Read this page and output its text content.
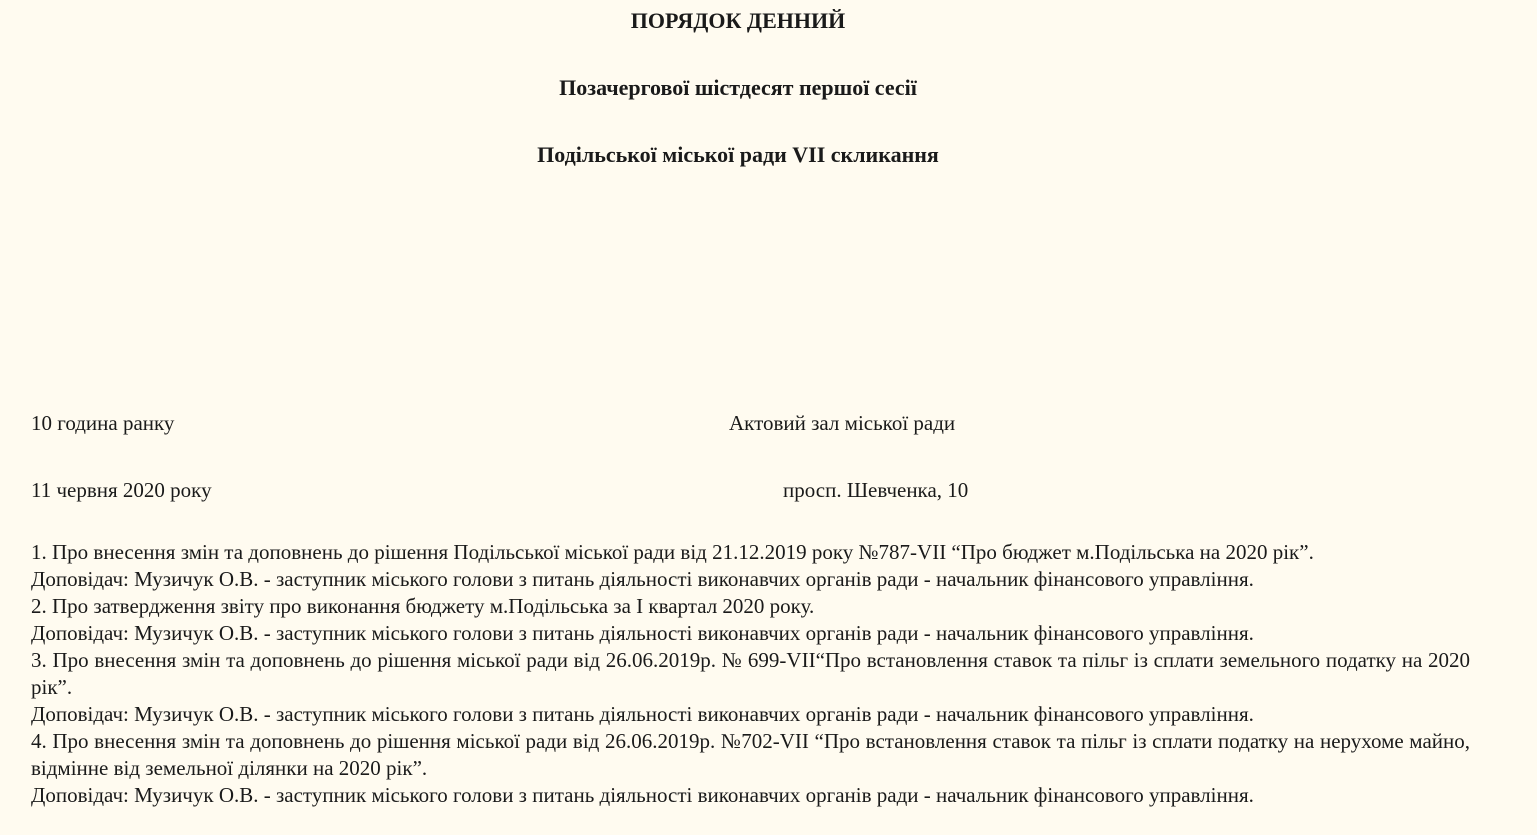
ПОРЯДОК ДЕННИЙ
Позачергової шістдесят першої сесії
Подільської міської ради VІІ скликання
10 година ранку	Актовий зал міської ради
11 червня 2020 року	просп. Шевченка, 10

1. Про внесення змін та доповнень до рішення Подільської міської ради від 21.12.2019 року №787-VII “Про бюджет м.Подільська на 2020 рік”.

Доповідач: Музичук О.В. - заступник міського голови з питань діяльності виконавчих органів ради - начальник фінансового управління.

2. Про затвердження звіту про виконання бюджету м.Подільська за I квартал 2020 року.

Доповідач: Музичук О.В. - заступник міського голови з питань діяльності виконавчих органів ради - начальник фінансового управління.

3. Про внесення змін та доповнень до рішення міської ради від 26.06.2019р. № 699-VII“Про встановлення ставок та пільг із сплати земельного податку на 2020 рік”.

Доповідач: Музичук О.В. - заступник міського голови з питань діяльності виконавчих органів ради - начальник фінансового управління.

4. Про внесення змін та доповнень до рішення міської ради від 26.06.2019р. №702-VII “Про встановлення ставок та пільг із сплати податку на нерухоме майно, відмінне від земельної ділянки на 2020 рік”.

Доповідач: Музичук О.В. - заступник міського голови з питань діяльності виконавчих органів ради - начальник фінансового управління.
